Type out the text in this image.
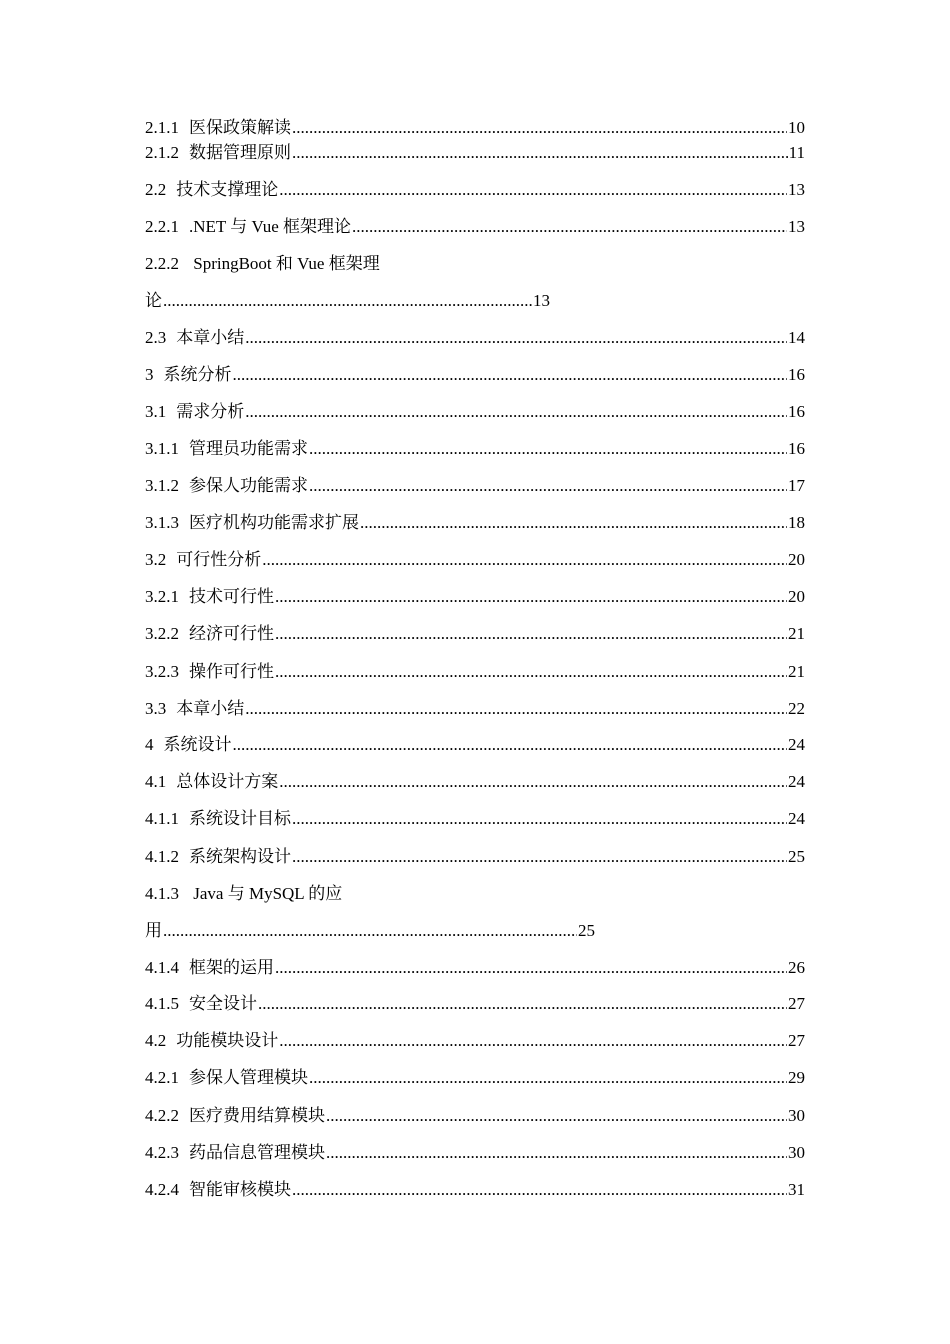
2.1.1 医保政策解读 .....	10
2.1.2 数据管理原则 .....	11
2.2 技术支撑理论 .....	13
2.2.1 .NET 与 Vue 框架理论 .....	13
2.2.2 SpringBoot 和 Vue 框架理
论 .....	13
2.3 本章小结 .....	14
3 系统分析 .....	16
3.1 需求分析 .....	16
3.1.1 管理员功能需求 .....	16
3.1.2 参保人功能需求 .....	17
3.1.3 医疗机构功能需求扩展 .....	18
3.2 可行性分析 .....	20
3.2.1 技术可行性 .....	20
3.2.2 经济可行性 .....	21
3.2.3 操作可行性 .....	21
3.3 本章小结 .....	22
4 系统设计 .....	24
4.1 总体设计方案 .....	24
4.1.1 系统设计目标 .....	24
4.1.2 系统架构设计 .....	25
4.1.3 Java 与 MySQL 的应
用 .....	25
4.1.4 框架的运用 .....	26
4.1.5 安全设计 .....	27
4.2 功能模块设计 .....	27
4.2.1 参保人管理模块 .....	29
4.2.2 医疗费用结算模块 .....	30
4.2.3 药品信息管理模块 .....	30
4.2.4 智能审核模块 .....	31
